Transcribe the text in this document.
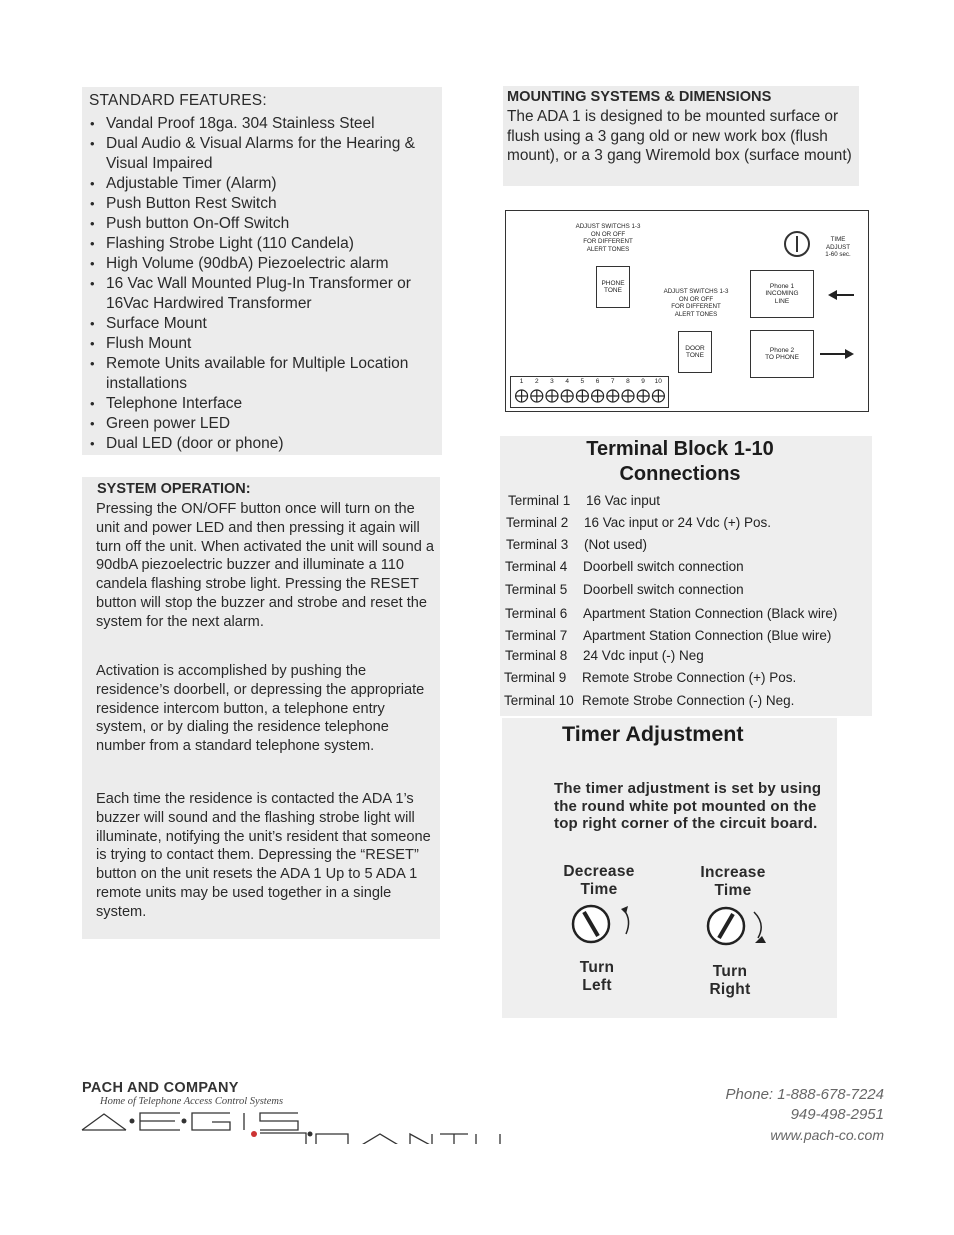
STANDARD FEATURES:
• Vandal Proof 18ga. 304 Stainless Steel
• Dual Audio & Visual Alarms for the Hearing & Visual Impaired
• Adjustable Timer (Alarm)
• Push Button Rest Switch
• Push button On-Off Switch
• Flashing Strobe Light (110 Candela)
• High Volume (90dbA) Piezoelectric alarm
• 16 Vac Wall Mounted Plug-In Transformer or 16Vac Hardwired Transformer
• Surface Mount
• Flush Mount
• Remote Units available for Multiple Location installations
• Telephone Interface
• Green power LED
• Dual LED (door or phone)
SYSTEM OPERATION:

Pressing the ON/OFF button once will turn on the unit and power LED and then pressing it again will turn off the unit. When activated the unit will sound a 90dbA piezoelectric buzzer and illuminate a 110 candela flashing strobe light. Pressing the RESET button will stop the buzzer and strobe and reset the system for the next alarm.

Activation is accomplished by pushing the residence’s doorbell, or depressing the appropriate residence intercom button, a telephone entry system, or by dialing the residence telephone number from a standard telephone system.

Each time the residence is contacted the ADA 1’s buzzer will sound and the flashing strobe light will illuminate, notifying the unit’s resident that someone is trying to contact them. Depressing the “RESET” button on the unit resets the ADA 1 Up to 5 ADA 1 remote units may be used together in a single system.

MOUNTING SYSTEMS & DIMENSIONS

The ADA 1 is designed to be mounted surface or flush using a 3 gang old or new work box (flush mount), or a 3 gang Wiremold box (surface mount)

ADJUST SWITCHS 1-3
ON OR OFF
FOR DIFFERENT
ALERT TONES
PHONE
TONE	ADJUST SWITCHS 1-3
ON OR OFF
FOR DIFFERENT
ALERT TONES
DOOR
TONE
TIME
ADJUST
1-60 sec.
Phone 1
INCOMING
LINE
Phone 2
TO PHONE
1	2	3	4	5	6	7	8	9	10
Terminal Block 1-10
Connections
Terminal 1 16 Vac input
Terminal 2 16 Vac input or 24 Vdc (+) Pos.
Terminal 3 (Not used)
Terminal 4 Doorbell switch connection
Terminal 5 Doorbell switch connection
Terminal 6 Apartment Station Connection (Black wire)
Terminal 7 Apartment Station Connection (Blue wire)
Terminal 8 24 Vdc input (-) Neg
Terminal 9 Remote Strobe Connection (+) Pos.
Terminal 10 Remote Strobe Connection (-) Neg.
Timer Adjustment

The timer adjustment is set by using the round white pot mounted on the top right corner of the circuit board.

Decrease
Time
Increase
Time
Turn
Left
Turn
Right
PACH AND COMPANY
Home of Telephone Access Control Systems	Phone: 1-888-678-7224
949-498-2951
www.pach-co.com
